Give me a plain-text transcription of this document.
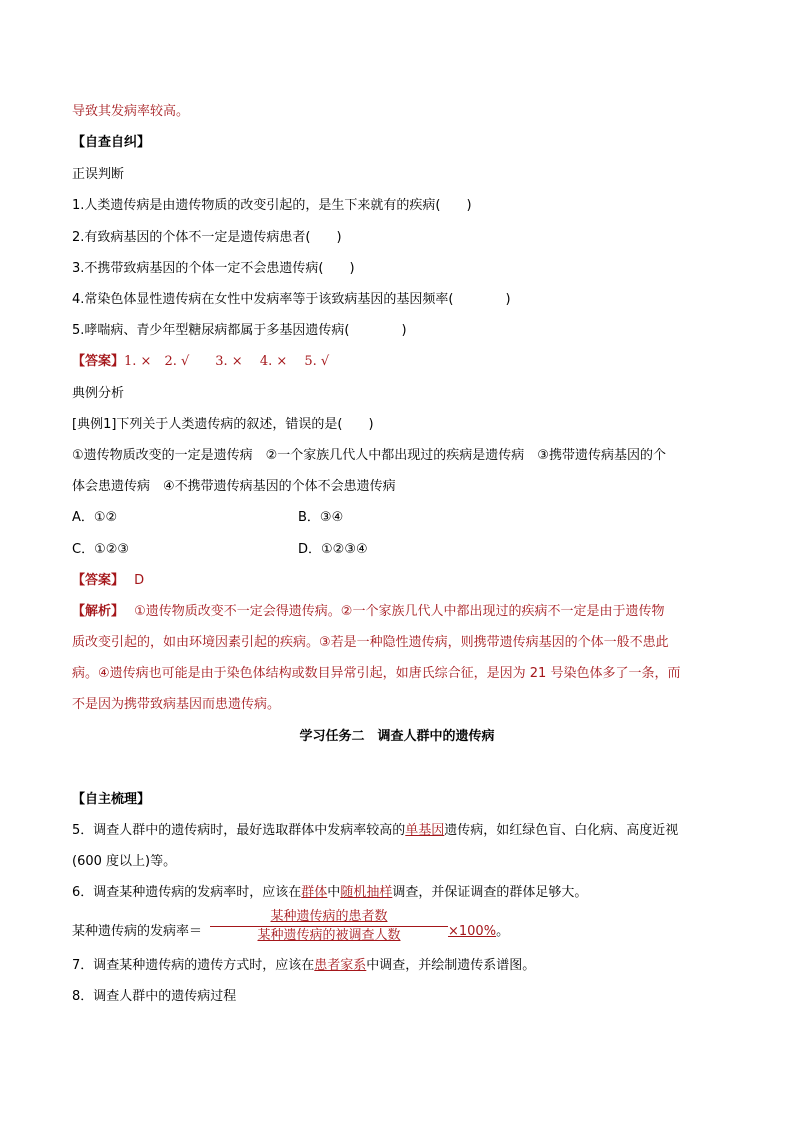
导致其发病率较高。
【自查自纠】
正误判断
1.人类遗传病是由遗传物质的改变引起的，是生下来就有的疾病(　　)
2.有致病基因的个体不一定是遗传病患者(　　)
3.不携带致病基因的个体一定不会患遗传病(　　)
4.常染色体显性遗传病在女性中发病率等于该致病基因的基因频率(　　　　)
5.哮喘病、青少年型糖尿病都属于多基因遗传病(　　　　)
【答案】1. ×　2. √　　3. ×　 4. ×　 5. √
典例分析
[典例1]下列关于人类遗传病的叙述，错误的是(　　)
①遗传物质改变的一定是遗传病　②一个家族几代人中都出现过的疾病是遗传病　③携带遗传病基因的个
体会患遗传病　④不携带遗传病基因的个体不会患遗传病
A．①②	B．③④
C．①②③	D．①②③④
【答案】 D
【解析】 ①遗传物质改变不一定会得遗传病。②一个家族几代人中都出现过的疾病不一定是由于遗传物
质改变引起的，如由环境因素引起的疾病。③若是一种隐性遗传病，则携带遗传病基因的个体一般不患此
病。④遗传病也可能是由于染色体结构或数目异常引起，如唐氏综合征，是因为 21 号染色体多了一条，而
不是因为携带致病基因而患遗传病。
学习任务二　调查人群中的遗传病
【自主梳理】
5．调查人群中的遗传病时，最好选取群体中发病率较高的单基因遗传病，如红绿色盲、白化病、高度近视
(600 度以上)等。
6．调查某种遗传病的发病率时，应该在群体中随机抽样调查，并保证调查的群体足够大。
某种遗传病的发病率＝
某种遗传病的患者数
某种遗传病的被调查人数	×100%。
7．调查某种遗传病的遗传方式时，应该在患者家系中调查，并绘制遗传系谱图。
8．调查人群中的遗传病过程
